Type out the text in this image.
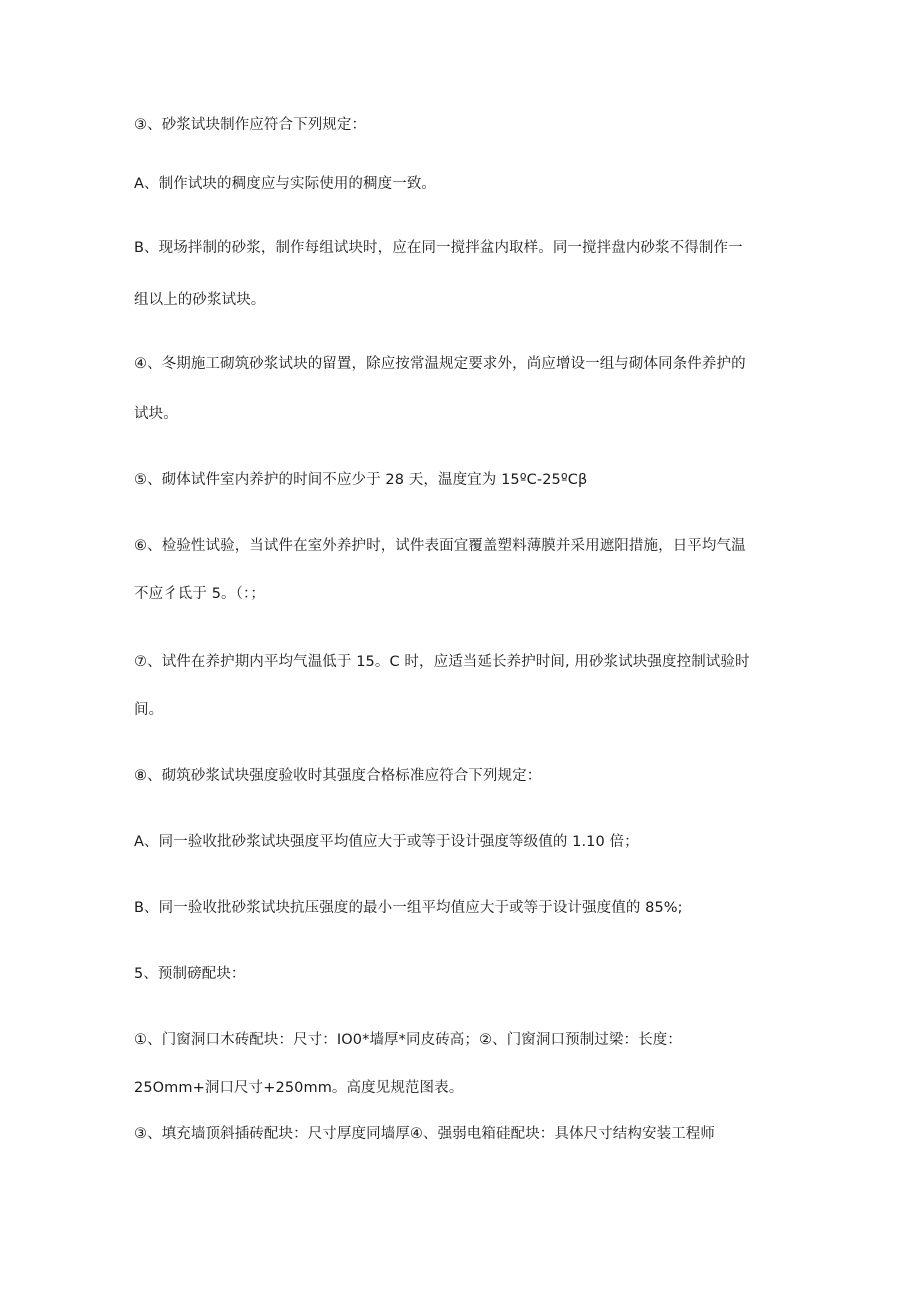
③、砂浆试块制作应符合下列规定：
A、制作试块的稠度应与实际使用的稠度一致。
B、现场拌制的砂浆，制作每组试块时，应在同一搅拌盆内取样。同一搅拌盘内砂浆不得制作一
组以上的砂浆试块。
④、冬期施工砌筑砂浆试块的留置，除应按常温规定要求外，尚应增设一组与砌体同条件养护的
试块。
⑤、砌体试件室内养护的时间不应少于 28 天，温度宜为 15ºC-25ºCβ
⑥、检验性试验，当试件在室外养护时，试件表面宜覆盖塑料薄膜并采用遮阳措施，日平均气温
不应彳氐于 5。（：；
⑦、试件在养护期内平均气温低于 15。C 时，应适当延长养护时间, 用砂浆试块强度控制试验时
间。
⑧、砌筑砂浆试块强度验收时其强度合格标准应符合下列规定：
A、同一验收批砂浆试块强度平均值应大于或等于设计强度等级值的 1.10 倍；
B、同一验收批砂浆试块抗压强度的最小一组平均值应大于或等于设计强度值的 85%;
5、预制磅配块：
①、门窗洞口木砖配块：尺寸：IO0*墙厚*同皮砖高；②、门窗洞口预制过梁：长度：
25Omm+洞口尺寸+250mm。高度见规范图表。
③、填充墙顶斜插砖配块：尺寸厚度同墙厚④、强弱电箱硅配块：具体尺寸结构安装工程师
